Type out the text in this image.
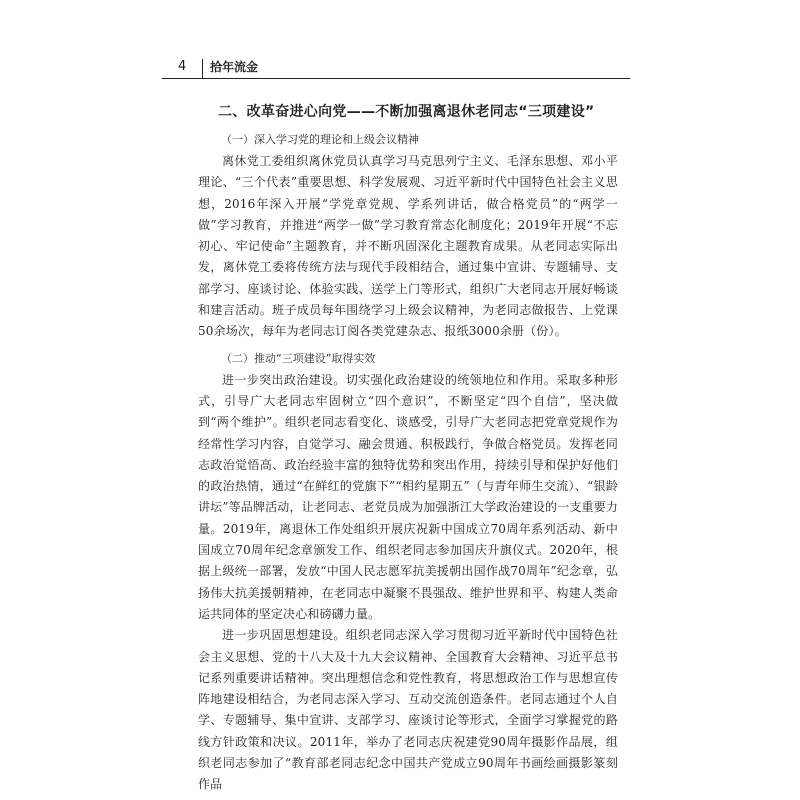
4	拾年流金
二、改革奋进心向党——不断加强离退休老同志“三项建设”

（一）深入学习党的理论和上级会议精神

离休党工委组织离休党员认真学习马克思列宁主义、毛泽东思想、邓小平理论、“三个代表”重要思想、科学发展观、习近平新时代中国特色社会主义思想，2016年深入开展“学党章党规、学系列讲话，做合格党员”的“两学一做”学习教育，并推进“两学一做”学习教育常态化制度化；2019年开展“不忘初心、牢记使命”主题教育，并不断巩固深化主题教育成果。从老同志实际出发，离休党工委将传统方法与现代手段相结合，通过集中宣讲、专题辅导、支部学习、座谈讨论、体验实践、送学上门等形式，组织广大老同志开展好畅谈和建言活动。班子成员每年围绕学习上级会议精神，为老同志做报告、上党课50余场次，每年为老同志订阅各类党建杂志、报纸3000余册（份）。

（二）推动“三项建设”取得实效

进一步突出政治建设。切实强化政治建设的统领地位和作用。采取多种形式，引导广大老同志牢固树立“四个意识”，不断坚定“四个自信”，坚决做到“两个维护”。组织老同志看变化、谈感受，引导广大老同志把党章党规作为经常性学习内容，自觉学习、融会贯通、积极践行，争做合格党员。发挥老同志政治觉悟高、政治经验丰富的独特优势和突出作用，持续引导和保护好他们的政治热情，通过“在鲜红的党旗下”“相约星期五”（与青年师生交流）、“银龄讲坛”等品牌活动，让老同志、老党员成为加强浙江大学政治建设的一支重要力量。2019年，离退休工作处组织开展庆祝新中国成立70周年系列活动、新中国成立70周年纪念章颁发工作、组织老同志参加国庆升旗仪式。2020年，根据上级统一部署，发放“中国人民志愿军抗美援朝出国作战70周年”纪念章，弘扬伟大抗美援朝精神，在老同志中凝聚不畏强敌、维护世界和平、构建人类命运共同体的坚定决心和磅礴力量。

进一步巩固思想建设。组织老同志深入学习贯彻习近平新时代中国特色社会主义思想、党的十八大及十九大会议精神、全国教育大会精神、习近平总书记系列重要讲话精神。突出理想信念和党性教育，将思想政治工作与思想宣传阵地建设相结合，为老同志深入学习、互动交流创造条件。老同志通过个人自学、专题辅导、集中宣讲、支部学习、座谈讨论等形式，全面学习掌握党的路线方针政策和决议。2011年，举办了老同志庆祝建党90周年摄影作品展，组织老同志参加了“教育部老同志纪念中国共产党成立90周年书画绘画摄影篆刻作品
